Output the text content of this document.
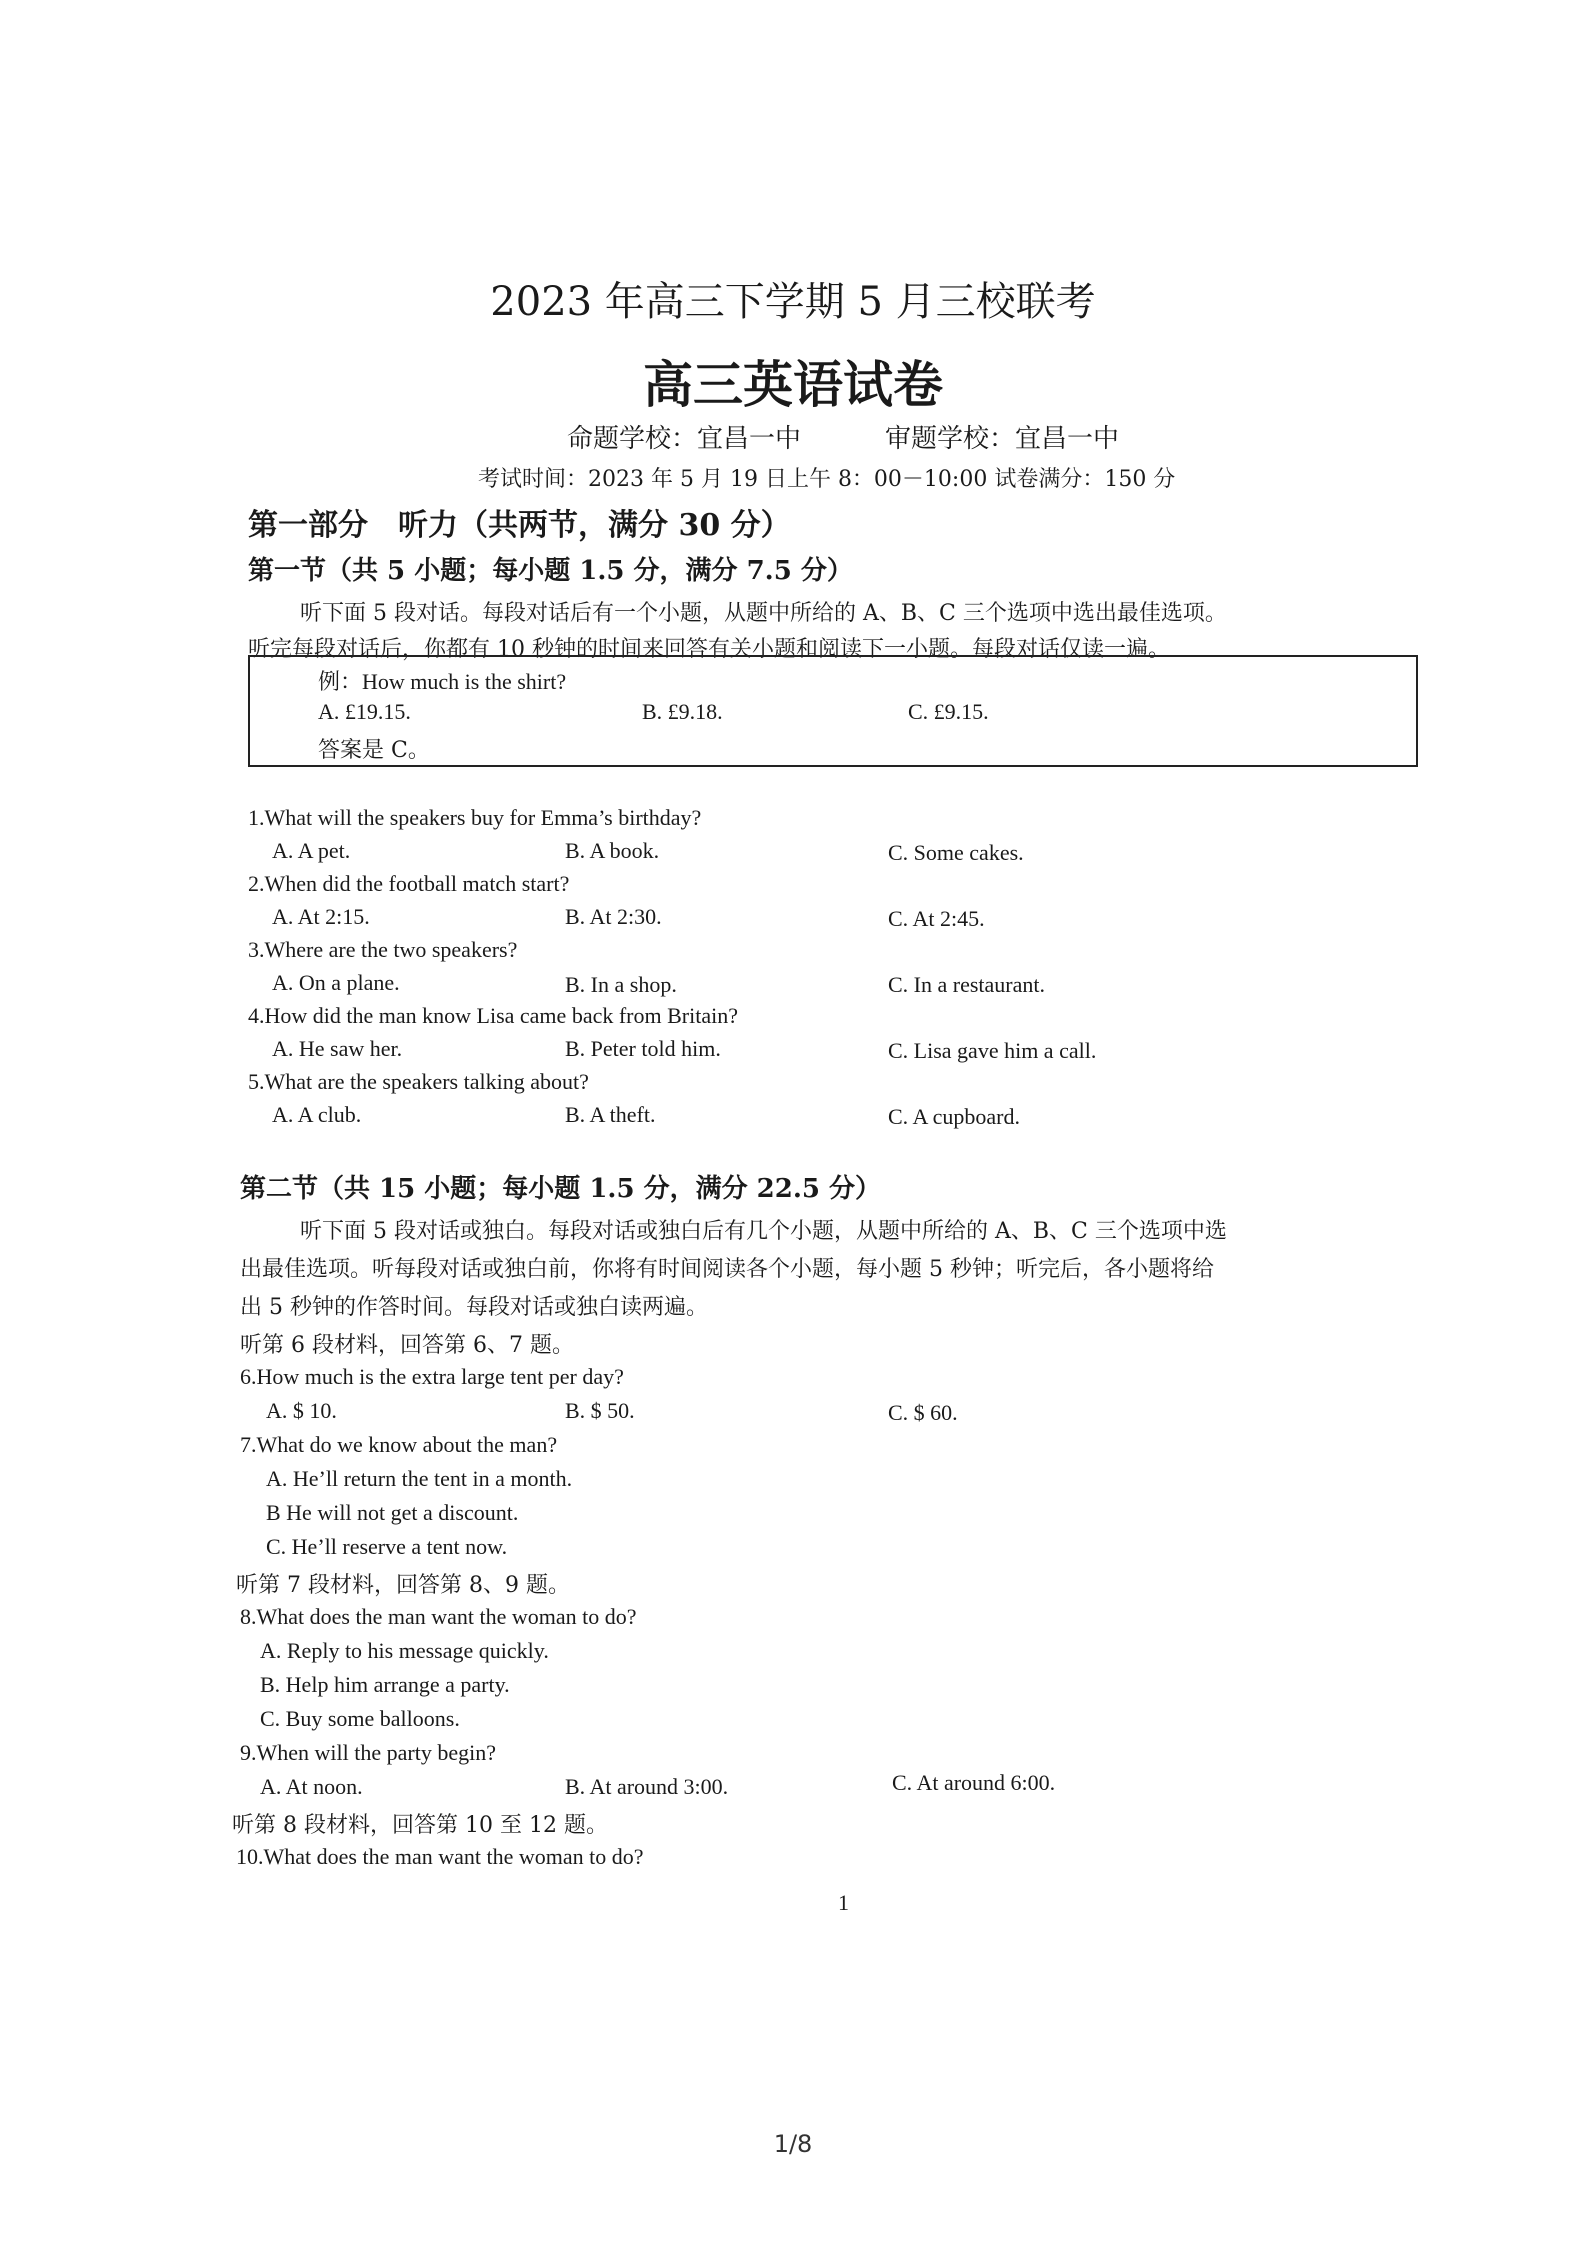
2023 年高三下学期 5 月三校联考
高三英语试卷
命题学校：宜昌一中	审题学校：宜昌一中
考试时间：2023 年 5 月 19 日上午 8：00－10:00 试卷满分：150 分
第一部分　听力（共两节，满分 30 分）
第一节（共 5 小题；每小题 1.5 分，满分 7.5 分）
听下面 5 段对话。每段对话后有一个小题，从题中所给的 A、B、C 三个选项中选出最佳选项。
听完每段对话后，你都有 10 秒钟的时间来回答有关小题和阅读下一小题。每段对话仅读一遍。
例：How much is the shirt?
A. £19.15.	B. £9.18.	C. £9.15.
答案是 C。
1.What will the speakers buy for Emma’s birthday?
A. A pet.	B. A book.	C. Some cakes.
2.When did the football match start?
A. At 2:15.	B. At 2:30.	C. At 2:45.
3.Where are the two speakers?
A. On a plane.	B. In a shop.	C. In a restaurant.
4.How did the man know Lisa came back from Britain?
A. He saw her.	B. Peter told him.	C. Lisa gave him a call.
5.What are the speakers talking about?
A. A club.	B. A theft.	C. A cupboard.
第二节（共 15 小题；每小题 1.5 分，满分 22.5 分）
听下面 5 段对话或独白。每段对话或独白后有几个小题，从题中所给的 A、B、C 三个选项中选
出最佳选项。听每段对话或独白前，你将有时间阅读各个小题，每小题 5 秒钟；听完后，各小题将给
出 5 秒钟的作答时间。每段对话或独白读两遍。
听第 6 段材料，回答第 6、7 题。
6.How much is the extra large tent per day?
A. $ 10.	B. $ 50.	C. $ 60.
7.What do we know about the man?
A. He’ll return the tent in a month.
B He will not get a discount.
C. He’ll reserve a tent now.
听第 7 段材料，回答第 8、9 题。
8.What does the man want the woman to do?
A. Reply to his message quickly.
B. Help him arrange a party.
C. Buy some balloons.
9.When will the party begin?
A. At noon.	B. At around 3:00.	C. At around 6:00.
听第 8 段材料，回答第 10 至 12 题。
10.What does the man want the woman to do?
1
1/8
